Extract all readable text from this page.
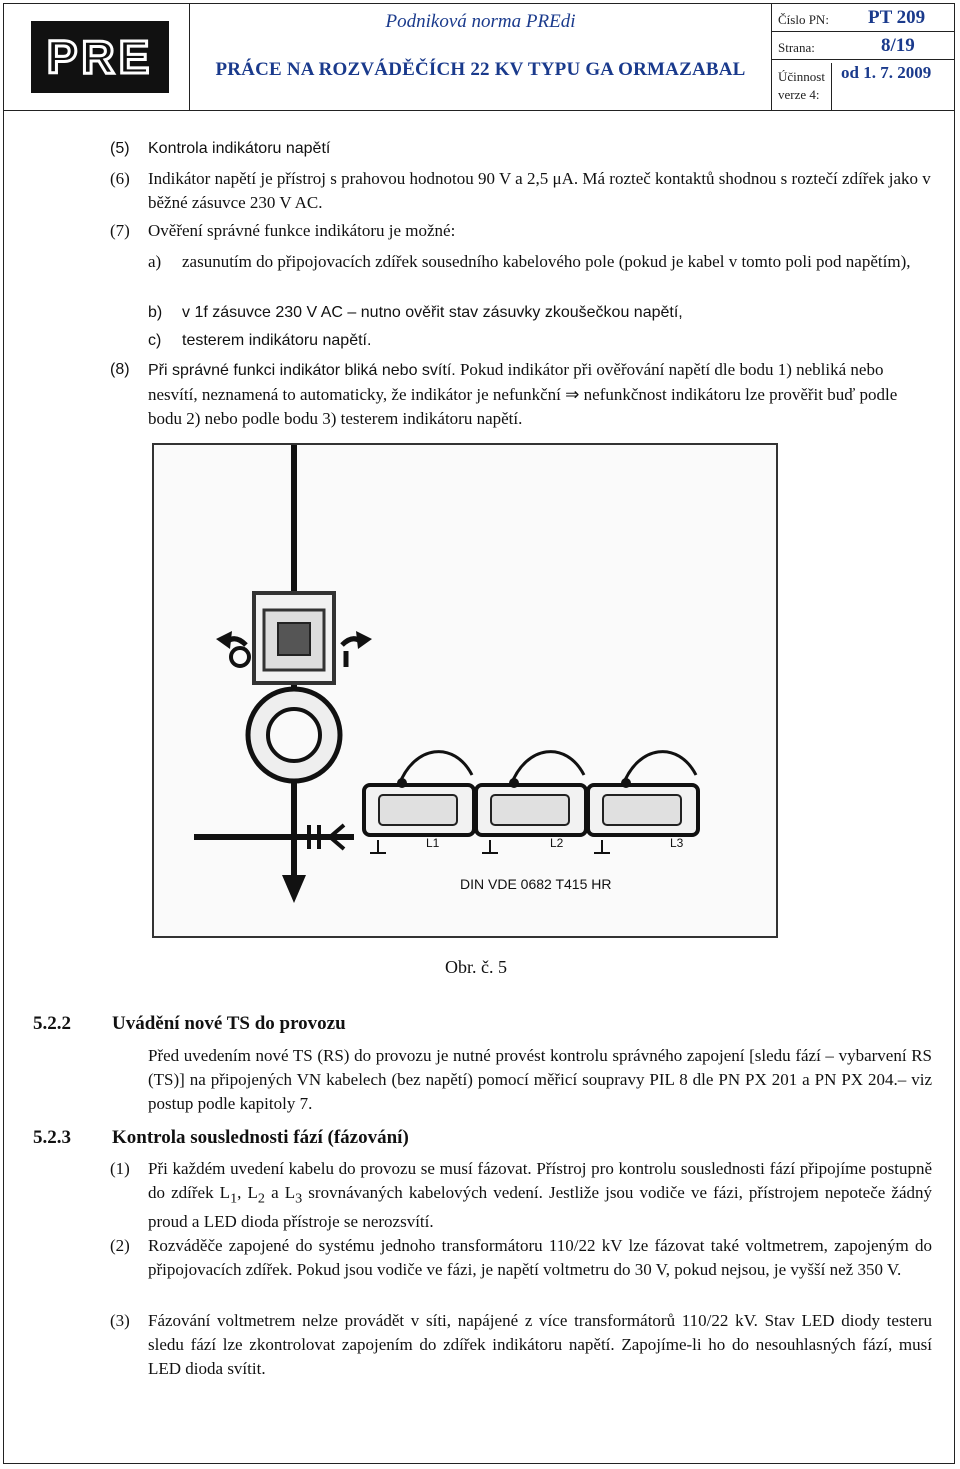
PRE
Podniková norma PREdi
PRÁCE NA ROZVÁDĚČÍCH 22 KV TYPU GA ORMAZABAL
Číslo PN: PT 209
Strana:	8/19
Účinnost od 1. 7. 2009
verze 4:
(5) Kontrola indikátoru napětí
(6) Indikátor napětí je přístroj s prahovou hodnotou 90 V a 2,5 μA. Má rozteč kontaktů shodnou s roztečí zdířek jako v běžné zásuvce 230 V AC.
(7) Ověření správné funkce indikátoru je možné:
a) zasunutím do připojovacích zdířek sousedního kabelového pole (pokud je kabel v tomto poli pod napětím),
b) v 1f zásuvce 230 V AC – nutno ověřit stav zásuvky zkoušečkou napětí,
c) testerem indikátoru napětí.
(8) Při správné funkci indikátor bliká nebo svítí. Pokud indikátor při ověřování napětí dle bodu 1) nebliká nebo nesvítí, neznamená to automaticky, že indikátor je nefunkční ⇒ nefunkčnost indikátoru lze prověřit buď podle bodu 2) nebo podle bodu 3) testerem indikátoru napětí.
L1	L2	L3
DIN VDE 0682 T415 HR
Obr. č. 5
5.2.2 Uvádění nové TS do provozu
Před uvedením nové TS (RS) do provozu je nutné provést kontrolu správného zapojení [sledu fází – vybarvení RS (TS)] na připojených VN kabelech (bez napětí) pomocí měřicí soupravy PIL 8 dle PN PX 201 a PN PX 204.– viz postup podle kapitoly 7.
5.2.3 Kontrola souslednosti fází (fázování)
(1) Při každém uvedení kabelu do provozu se musí fázovat. Přístroj pro kontrolu souslednosti fází připojíme postupně do zdířek $L_1$, $L_2$ a $L_3$ srovnávaných kabelových vedení. Jestliže jsou vodiče ve fázi, přístrojem nepoteče žádný proud a LED dioda přístroje se nerozsvítí.
(2) Rozváděče zapojené do systému jednoho transformátoru 110/22 kV lze fázovat také voltmetrem, zapojeným do připojovacích zdířek. Pokud jsou vodiče ve fázi, je napětí voltmetru do 30 V, pokud nejsou, je vyšší než 350 V.
(3) Fázování voltmetrem nelze provádět v síti, napájené z více transformátorů 110/22 kV. Stav LED diody testeru sledu fází lze zkontrolovat zapojením do zdířek indikátoru napětí. Zapojíme-li ho do nesouhlasných fází, musí LED dioda svítit.
